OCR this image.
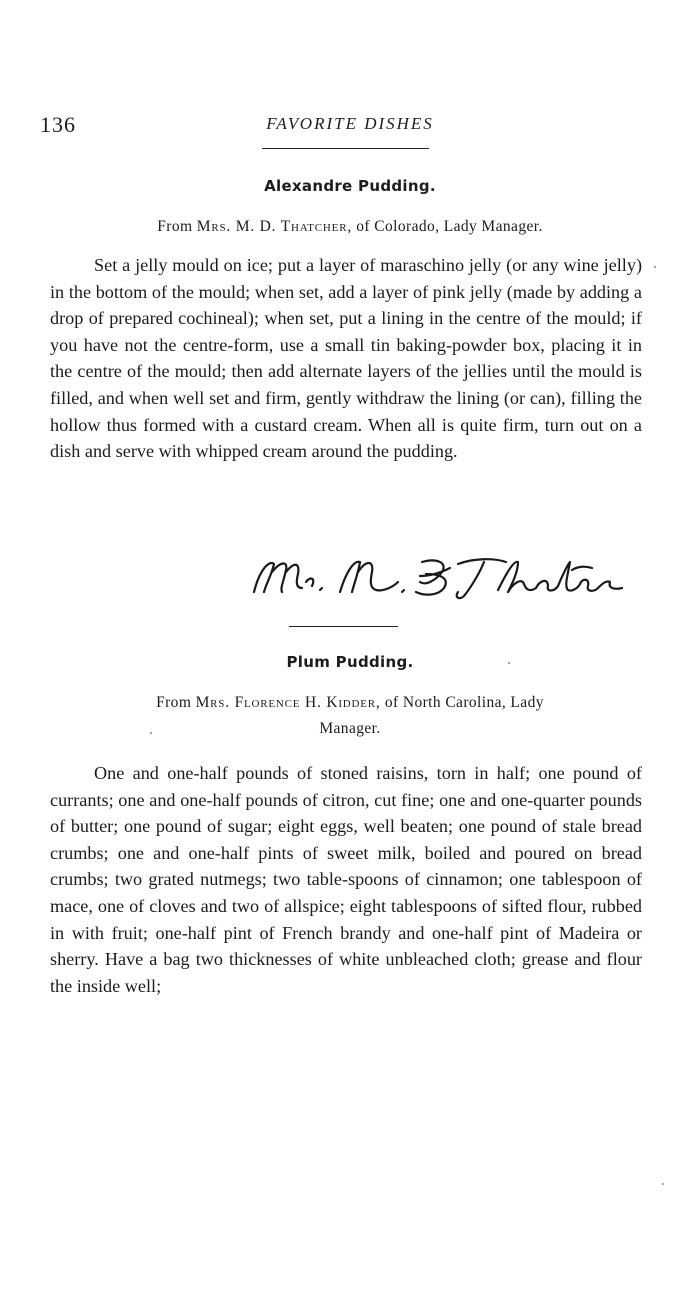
136	FAVORITE DISHES
Alexandre Pudding.
From Mrs. M. D. Thatcher, of Colorado, Lady Manager.
Set a jelly mould on ice; put a layer of maraschino jelly (or any wine jelly) in the bottom of the mould; when set, add a layer of pink jelly (made by adding a drop of prepared cochineal); when set, put a lining in the centre of the mould; if you have not the centre-form, use a small tin baking-powder box, placing it in the centre of the mould; then add alternate layers of the jellies until the mould is filled, and when well set and firm, gently withdraw the lining (or can), filling the hollow thus formed with a custard cream. When all is quite firm, turn out on a dish and serve with whipped cream around the pudding.
Plum Pudding.
From Mrs. Florence H. Kidder, of North Carolina, Lady
Manager.
One and one-half pounds of stoned raisins, torn in half; one pound of currants; one and one-half pounds of citron, cut fine; one and one-quarter pounds of butter; one pound of sugar; eight eggs, well beaten; one pound of stale bread crumbs; one and one-half pints of sweet milk, boiled and poured on bread crumbs; two grated nutmegs; two table-spoons of cinnamon; one tablespoon of mace, one of cloves and two of allspice; eight tablespoons of sifted flour, rubbed in with fruit; one-half pint of French brandy and one-half pint of Madeira or sherry. Have a bag two thicknesses of white unbleached cloth; grease and flour the inside well;
